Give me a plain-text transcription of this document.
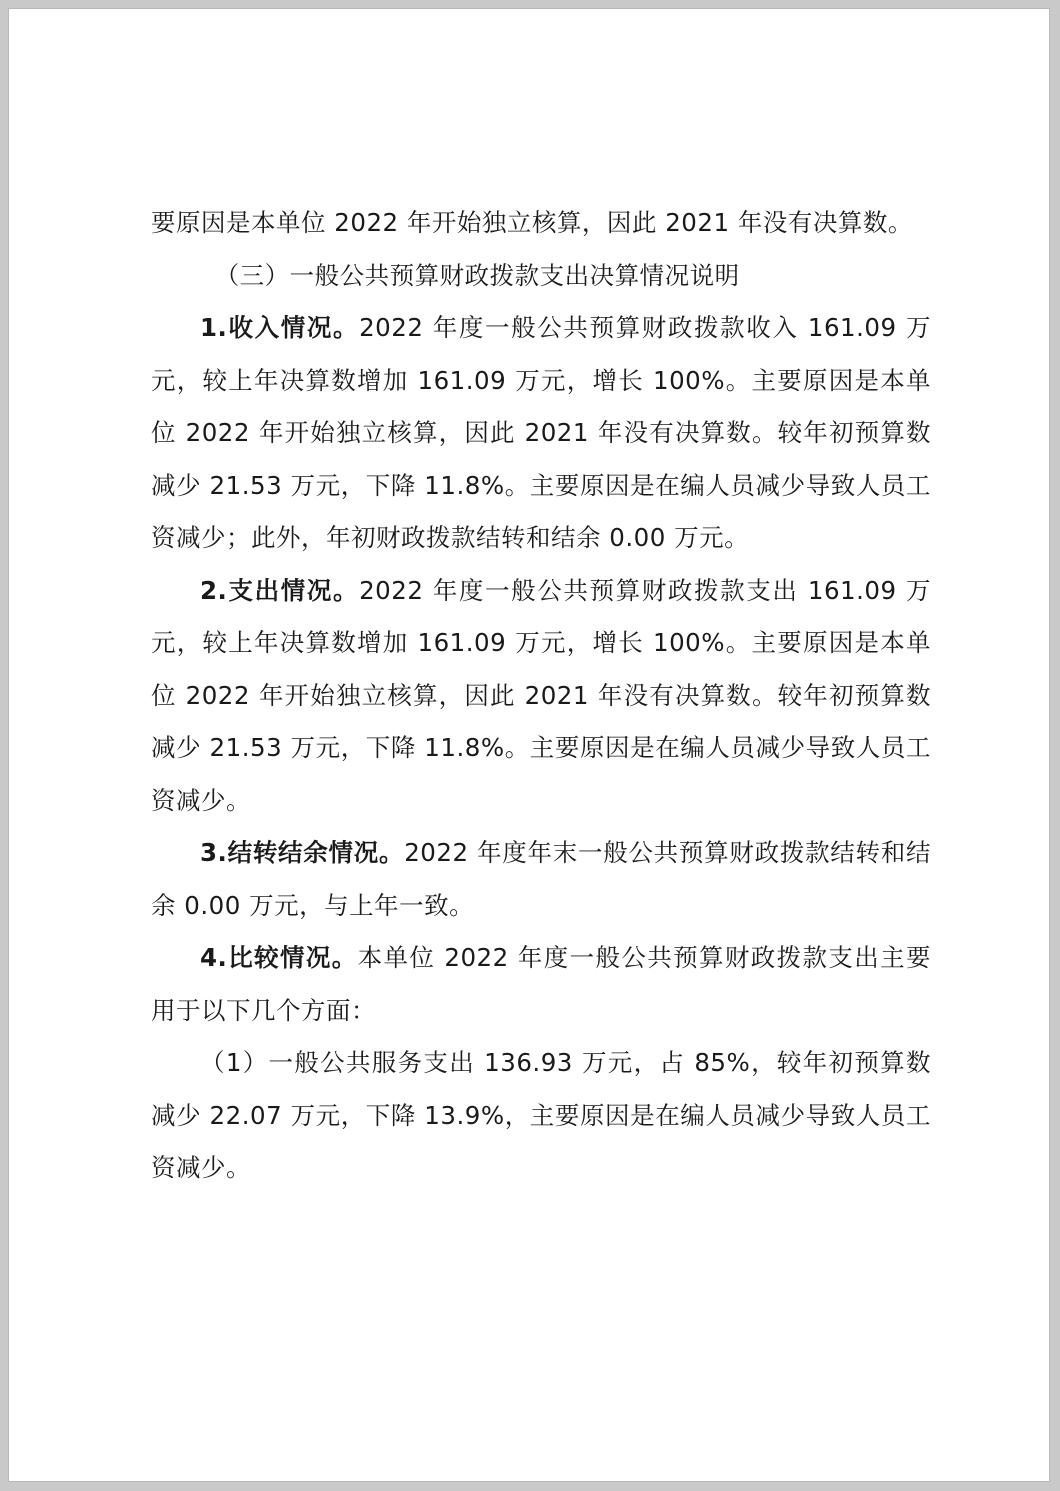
要原因是本单位 2022 年开始独立核算，因此 2021 年没有决算数。

（三）一般公共预算财政拨款支出决算情况说明

1.收入情况。2022 年度一般公共预算财政拨款收入 161.09 万元，较上年决算数增加 161.09 万元，增长 100%。主要原因是本单位 2022 年开始独立核算，因此 2021 年没有决算数。较年初预算数减少 21.53 万元，下降 11.8%。主要原因是在编人员减少导致人员工资减少；此外，年初财政拨款结转和结余 0.00 万元。

2.支出情况。2022 年度一般公共预算财政拨款支出 161.09 万元，较上年决算数增加 161.09 万元，增长 100%。主要原因是本单位 2022 年开始独立核算，因此 2021 年没有决算数。较年初预算数减少 21.53 万元，下降 11.8%。主要原因是在编人员减少导致人员工资减少。

3.结转结余情况。2022 年度年末一般公共预算财政拨款结转和结余 0.00 万元，与上年一致。

4.比较情况。本单位 2022 年度一般公共预算财政拨款支出主要用于以下几个方面：

（1）一般公共服务支出 136.93 万元，占 85%，较年初预算数减少 22.07 万元，下降 13.9%，主要原因是在编人员减少导致人员工资减少。
